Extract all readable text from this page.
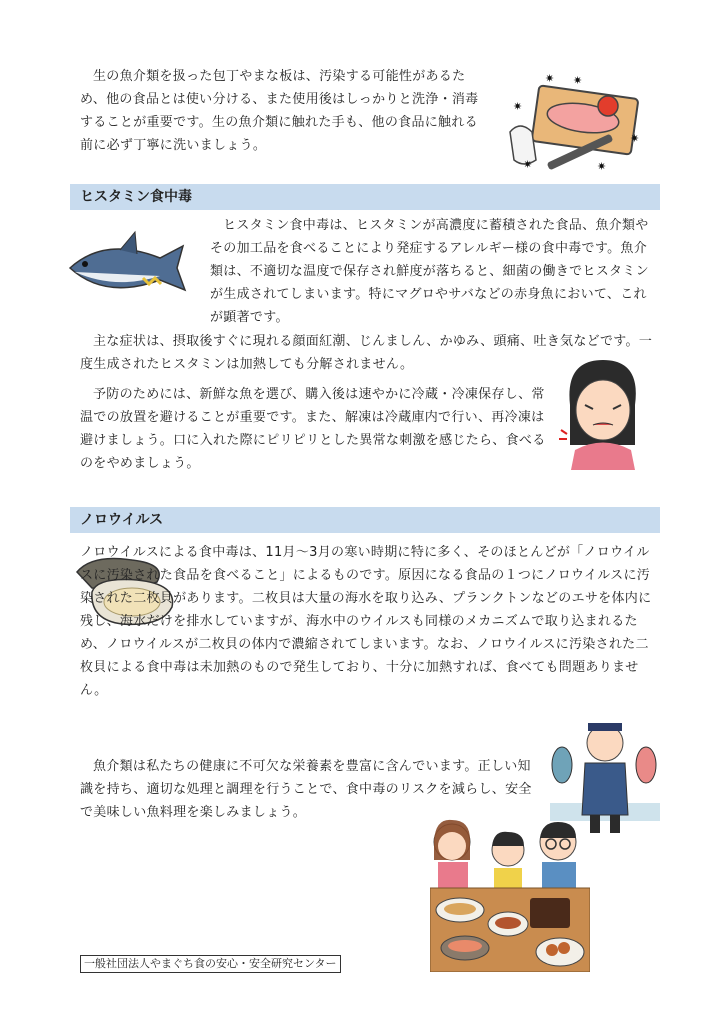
生の魚介類を扱った包丁やまな板は、汚染する可能性があるため、他の食品とは使い分ける、また使用後はしっかりと洗浄・消毒することが重要です。生の魚介類に触れた手も、他の食品に触れる前に必ず丁寧に洗いましょう。

✷
✷ ✷
✷
✷
✷
ヒスタミン食中毒

ヒスタミン食中毒は、ヒスタミンが高濃度に蓄積された食品、魚介類やその加工品を食べることにより発症するアレルギー様の食中毒です。魚介類は、不適切な温度で保存され鮮度が落ちると、細菌の働きでヒスタミンが生成されてしまいます。特にマグロやサバなどの赤身魚において、これが顕著です。

主な症状は、摂取後すぐに現れる顔面紅潮、じんましん、かゆみ、頭痛、吐き気などです。一度生成されたヒスタミンは加熱しても分解されません。

予防のためには、新鮮な魚を選び、購入後は速やかに冷蔵・冷凍保存し、常温での放置を避けることが重要です。また、解凍は冷蔵庫内で行い、再冷凍は避けましょう。口に入れた際にピリピリとした異常な刺激を感じたら、食べるのをやめましょう。

ノロウイルス

ノロウイルスによる食中毒は、11月〜3月の寒い時期に特に多く、そのほとんどが「ノロウイルスに汚染された食品を食べること」によるものです。原因になる食品の１つにノロウイルスに汚染された二枚貝があります。二枚貝は大量の海水を取り込み、プランクトンなどのエサを体内に残し、海水だけを排水していますが、海水中のウイルスも同様のメカニズムで取り込まれるため、ノロウイルスが二枚貝の体内で濃縮されてしまいます。なお、ノロウイルスに汚染された二枚貝による食中毒は未加熱のもので発生しており、十分に加熱すれば、食べても問題ありません。

魚介類は私たちの健康に不可欠な栄養素を豊富に含んでいます。正しい知識を持ち、適切な処理と調理を行うことで、食中毒のリスクを減らし、安全で美味しい魚料理を楽しみましょう。

一般社団法人やまぐち食の安心・安全研究センター
